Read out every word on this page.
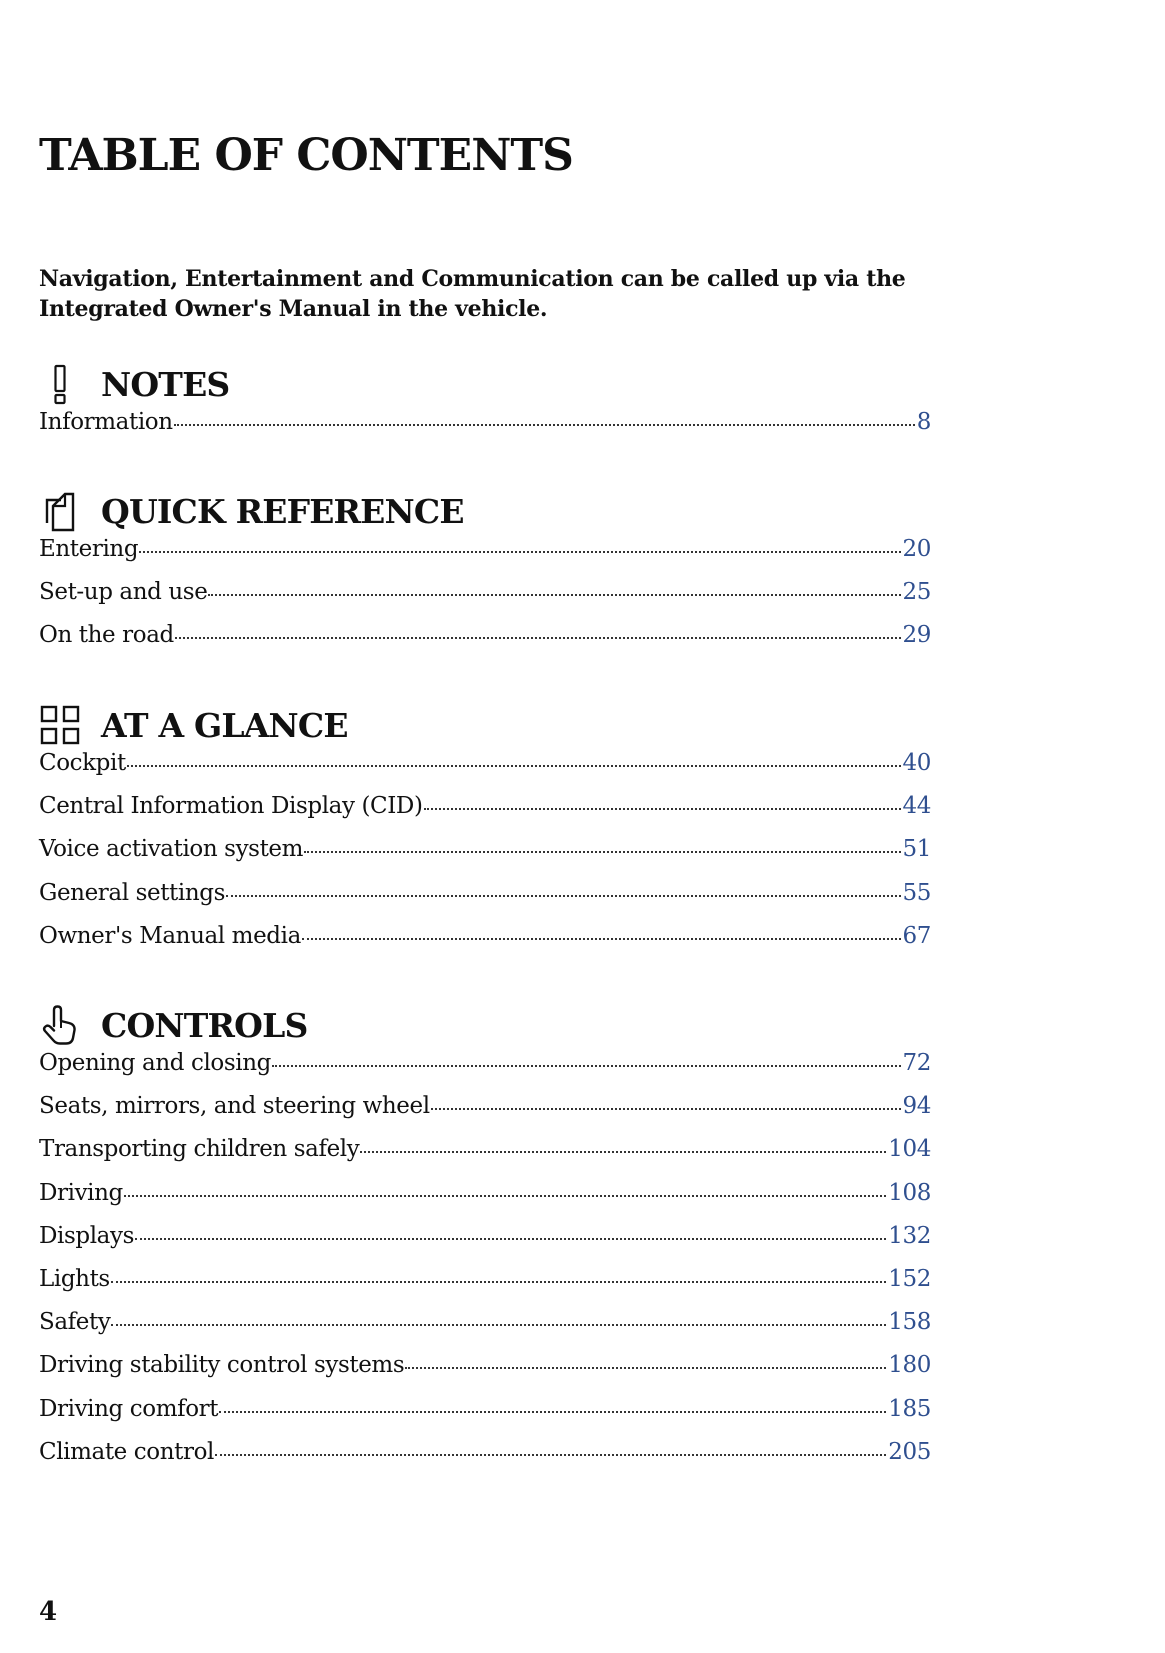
TABLE OF CONTENTS

Navigation, Entertainment and Communication can be called up via the
Integrated Owner's Manual in the vehicle.

NOTES
Information	8
QUICK REFERENCE
Entering	20
Set-up and use	25
On the road	29
AT A GLANCE
Cockpit	40
Central Information Display (CID)	44
Voice activation system	51
General settings	55
Owner's Manual media	67
CONTROLS
Opening and closing	72
Seats, mirrors, and steering wheel	94
Transporting children safely	104
Driving	108
Displays	132
Lights	152
Safety	158
Driving stability control systems	180
Driving comfort	185
Climate control	205
4
